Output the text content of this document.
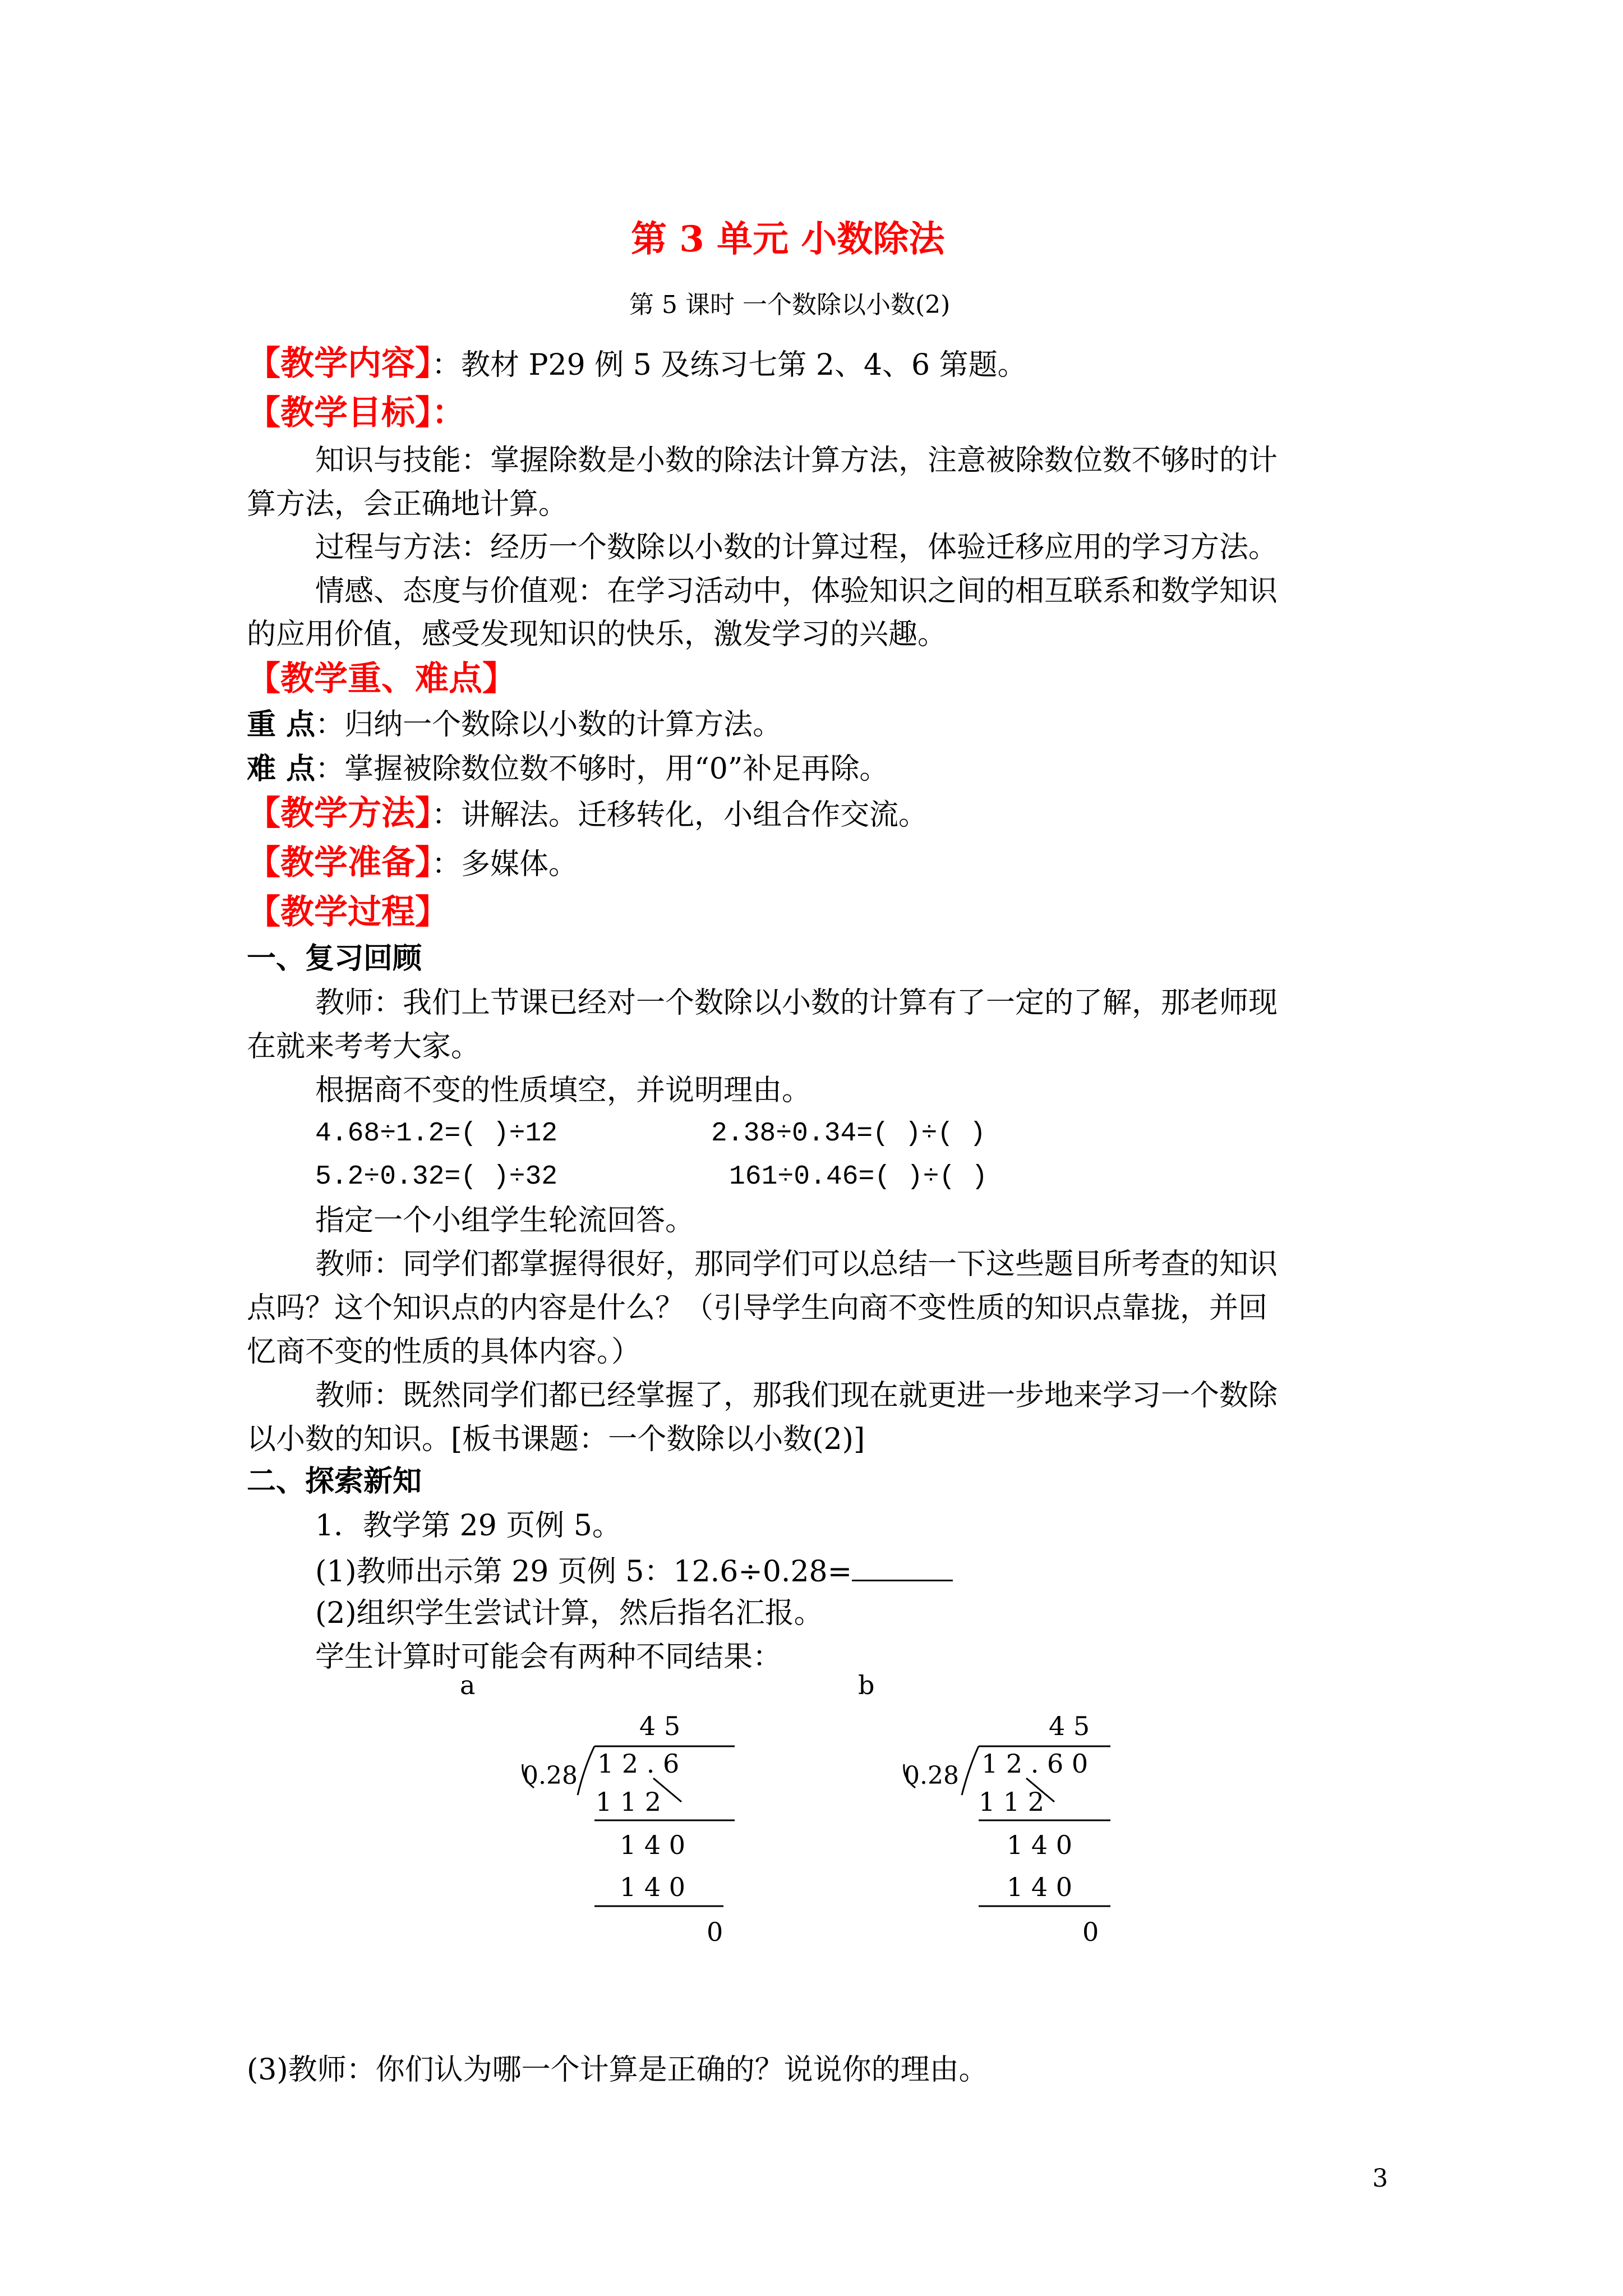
第 3 单元 小数除法
第 5 课时 一个数除以小数(2)
【教学内容】：教材 P29 例 5 及练习七第 2、4、6 第题。
【教学目标】：
知识与技能：掌握除数是小数的除法计算方法，注意被除数位数不够时的计
算方法，会正确地计算。
过程与方法：经历一个数除以小数的计算过程，体验迁移应用的学习方法。
情感、态度与价值观：在学习活动中，体验知识之间的相互联系和数学知识
的应用价值，感受发现知识的快乐，激发学习的兴趣。
【教学重、难点】
重 点：归纳一个数除以小数的计算方法。
难 点：掌握被除数位数不够时，用“0”补足再除。
【教学方法】：讲解法。迁移转化，小组合作交流。
【教学准备】：多媒体。
【教学过程】
一、复习回顾
教师：我们上节课已经对一个数除以小数的计算有了一定的了解，那老师现
在就来考考大家。
根据商不变的性质填空，并说明理由。
4.68÷1.2=( )÷12	2.38÷0.34=( )÷( )
5.2÷0.32=( )÷32	161÷0.46=( )÷( )
指定一个小组学生轮流回答。
教师：同学们都掌握得很好，那同学们可以总结一下这些题目所考查的知识
点吗？这个知识点的内容是什么？（引导学生向商不变性质的知识点靠拢，并回
忆商不变的性质的具体内容。）
教师：既然同学们都已经掌握了，那我们现在就更进一步地来学习一个数除
以小数的知识。[板书课题：一个数除以小数(2)]
二、探索新知
1．教学第 29 页例 5。
(1)教师出示第 29 页例 5：12.6÷0.28=
(2)组织学生尝试计算，然后指名汇报。
学生计算时可能会有两种不同结果：
a
4 5
0.28 1 2 . 6
1 1 2
1 4 0
1 4 0
0
b
4 5
0.28 1 2 . 6 0
1 1 2
1 4 0
1 4 0
0
(3)教师：你们认为哪一个计算是正确的？说说你的理由。
3
